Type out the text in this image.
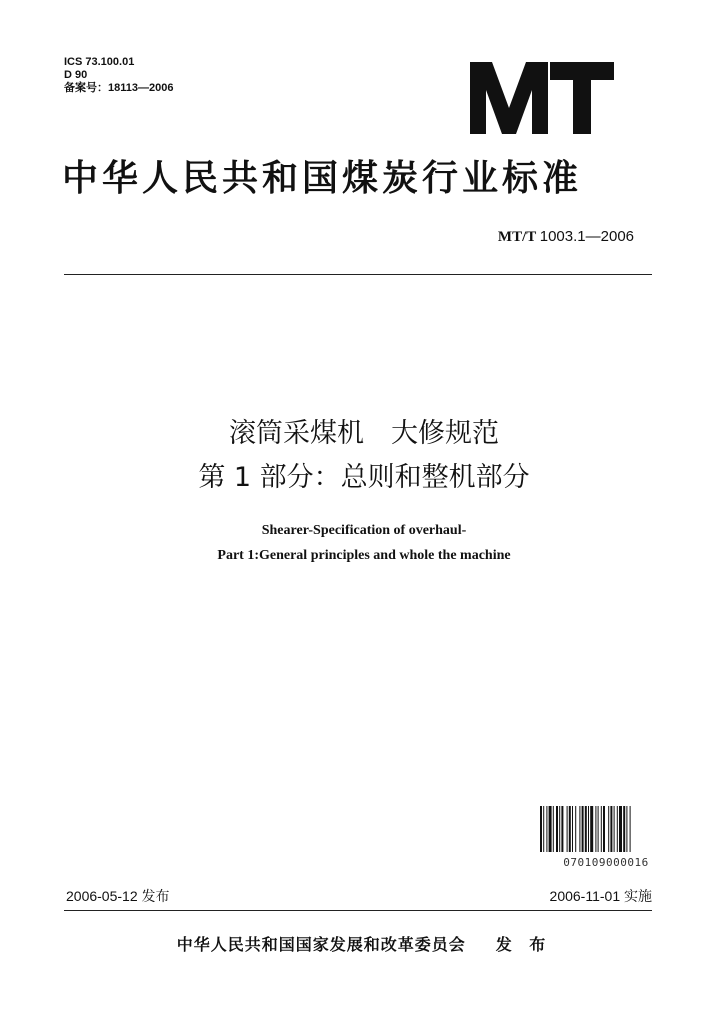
ICS 73.100.01
D 90
备案号：18113—2006
中华人民共和国煤炭行业标准
MT/T 1003.1—2006
滚筒采煤机　大修规范
第 1 部分：总则和整机部分
Shearer-Specification of overhaul-
Part 1:General principles and whole the machine
070109000016
2006-05-12 发布	2006-11-01 实施
中华人民共和国国家发展和改革委员会 发 布
